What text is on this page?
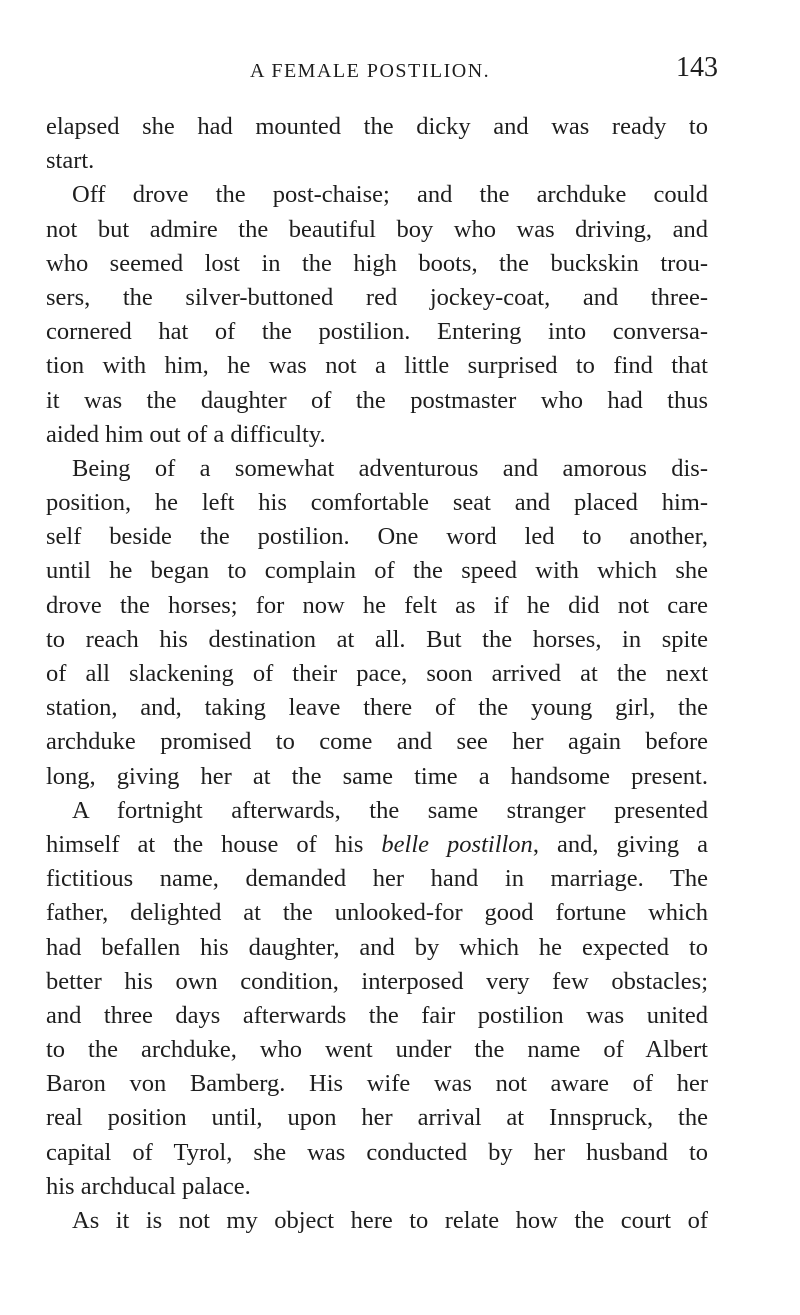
A FEMALE POSTILION.	143
elapsed she had mounted the dicky and was ready to
start.
Off drove the post-chaise; and the archduke could
not but admire the beautiful boy who was driving, and
who seemed lost in the high boots, the buckskin trou-
sers, the silver-buttoned red jockey-coat, and three-
cornered hat of the postilion. Entering into conversa-
tion with him, he was not a little surprised to find that
it was the daughter of the postmaster who had thus
aided him out of a difficulty.
Being of a somewhat adventurous and amorous dis-
position, he left his comfortable seat and placed him-
self beside the postilion. One word led to another,
until he began to complain of the speed with which she
drove the horses; for now he felt as if he did not care
to reach his destination at all. But the horses, in spite
of all slackening of their pace, soon arrived at the next
station, and, taking leave there of the young girl, the
archduke promised to come and see her again before
long, giving her at the same time a handsome present.
A fortnight afterwards, the same stranger presented
himself at the house of his belle postillon, and, giving a
fictitious name, demanded her hand in marriage. The
father, delighted at the unlooked-for good fortune which
had befallen his daughter, and by which he expected to
better his own condition, interposed very few obstacles;
and three days afterwards the fair postilion was united
to the archduke, who went under the name of Albert
Baron von Bamberg. His wife was not aware of her
real position until, upon her arrival at Innspruck, the
capital of Tyrol, she was conducted by her husband to
his archducal palace.
As it is not my object here to relate how the court of
